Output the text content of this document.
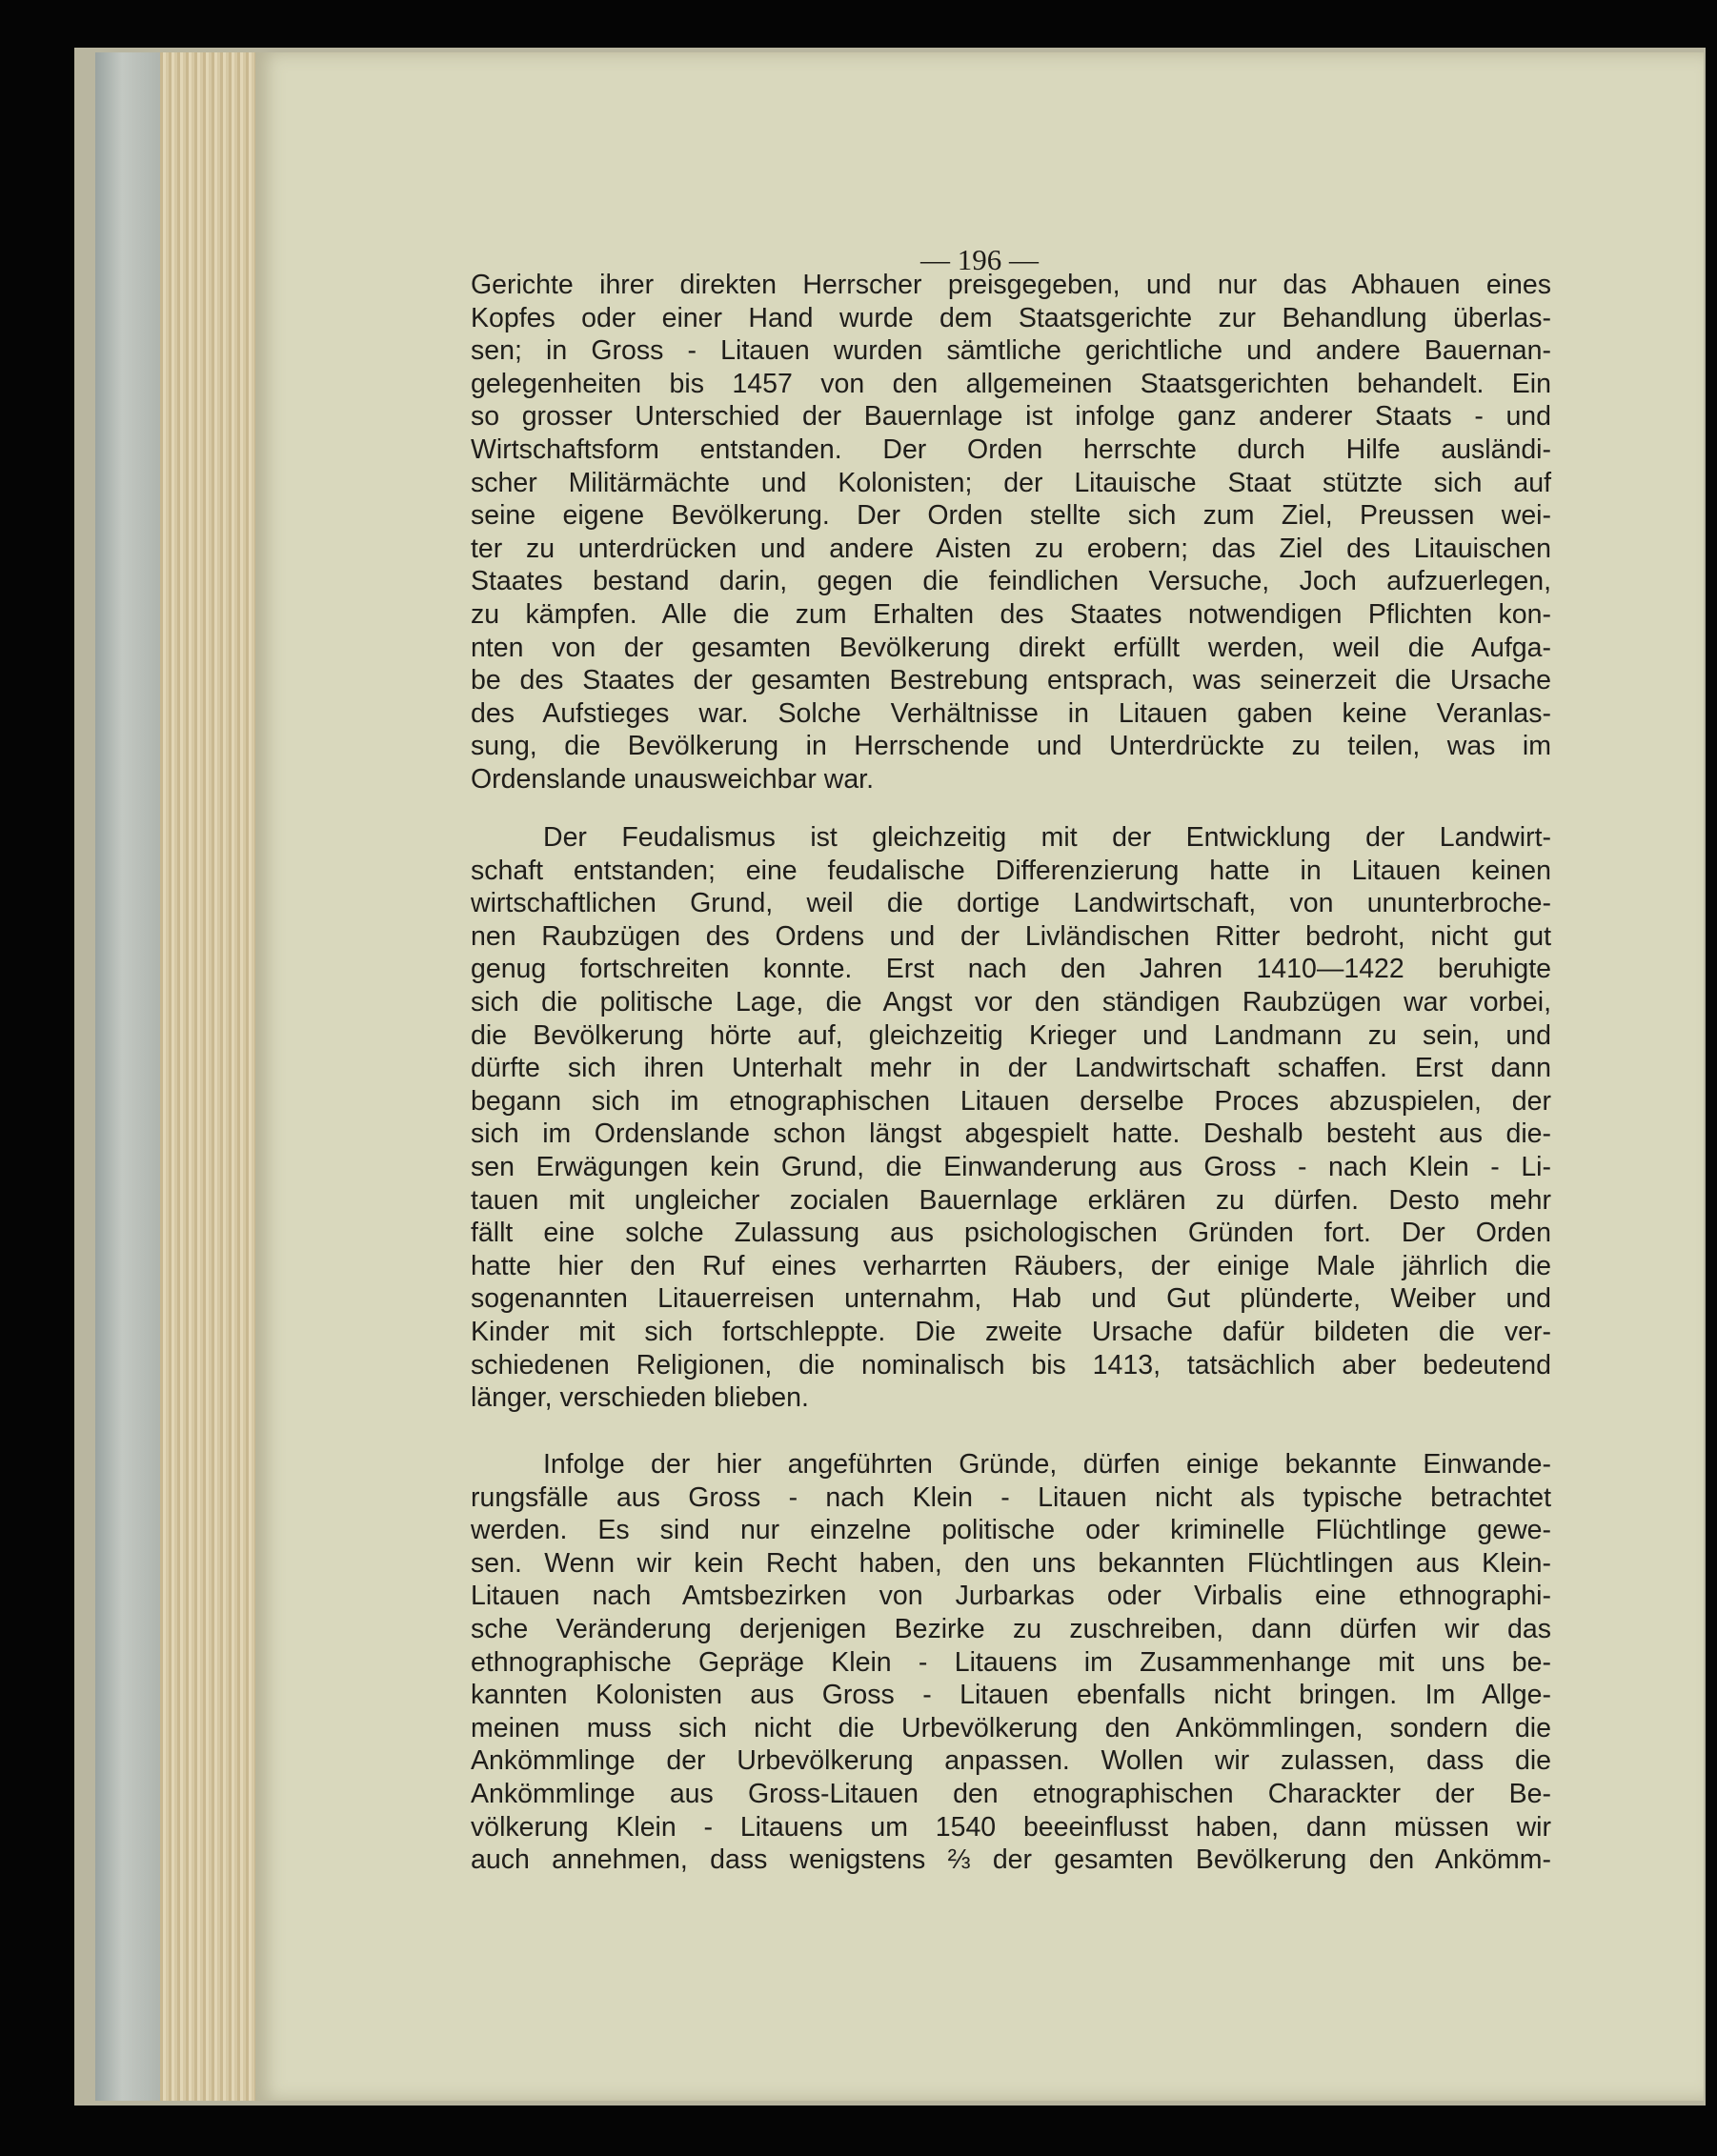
— 196 —
Gerichte ihrer direkten Herrscher preisgegeben, und nur das Abhauen eines
Kopfes oder einer Hand wurde dem Staatsgerichte zur Behandlung überlas-
sen; in Gross - Litauen wurden sämtliche gerichtliche und andere Bauernan-
gelegenheiten bis 1457 von den allgemeinen Staatsgerichten behandelt. Ein
so grosser Unterschied der Bauernlage ist infolge ganz anderer Staats - und
Wirtschaftsform entstanden. Der Orden herrschte durch Hilfe ausländi-
scher Militärmächte und Kolonisten; der Litauische Staat stützte sich auf
seine eigene Bevölkerung. Der Orden stellte sich zum Ziel, Preussen wei-
ter zu unterdrücken und andere Aisten zu erobern; das Ziel des Litauischen
Staates bestand darin, gegen die feindlichen Versuche, Joch aufzuerlegen,
zu kämpfen. Alle die zum Erhalten des Staates notwendigen Pflichten kon-
nten von der gesamten Bevölkerung direkt erfüllt werden, weil die Aufga-
be des Staates der gesamten Bestrebung entsprach, was seinerzeit die Ursache
des Aufstieges war. Solche Verhältnisse in Litauen gaben keine Veranlas-
sung, die Bevölkerung in Herrschende und Unterdrückte zu teilen, was im
Ordenslande unausweichbar war.
Der Feudalismus ist gleichzeitig mit der Entwicklung der Landwirt-
schaft entstanden; eine feudalische Differenzierung hatte in Litauen keinen
wirtschaftlichen Grund, weil die dortige Landwirtschaft, von ununterbroche-
nen Raubzügen des Ordens und der Livländischen Ritter bedroht, nicht gut
genug fortschreiten konnte. Erst nach den Jahren 1410—1422 beruhigte
sich die politische Lage, die Angst vor den ständigen Raubzügen war vorbei,
die Bevölkerung hörte auf, gleichzeitig Krieger und Landmann zu sein, und
dürfte sich ihren Unterhalt mehr in der Landwirtschaft schaffen. Erst dann
begann sich im etnographischen Litauen derselbe Proces abzuspielen, der
sich im Ordenslande schon längst abgespielt hatte. Deshalb besteht aus die-
sen Erwägungen kein Grund, die Einwanderung aus Gross - nach Klein - Li-
tauen mit ungleicher zocialen Bauernlage erklären zu dürfen. Desto mehr
fällt eine solche Zulassung aus psichologischen Gründen fort. Der Orden
hatte hier den Ruf eines verharrten Räubers, der einige Male jährlich die
sogenannten Litauerreisen unternahm, Hab und Gut plünderte, Weiber und
Kinder mit sich fortschleppte. Die zweite Ursache dafür bildeten die ver-
schiedenen Religionen, die nominalisch bis 1413, tatsächlich aber bedeutend
länger, verschieden blieben.
Infolge der hier angeführten Gründe, dürfen einige bekannte Einwande-
rungsfälle aus Gross - nach Klein - Litauen nicht als typische betrachtet
werden. Es sind nur einzelne politische oder kriminelle Flüchtlinge gewe-
sen. Wenn wir kein Recht haben, den uns bekannten Flüchtlingen aus Klein-
Litauen nach Amtsbezirken von Jurbarkas oder Virbalis eine ethnographi-
sche Veränderung derjenigen Bezirke zu zuschreiben, dann dürfen wir das
ethnographische Gepräge Klein - Litauens im Zusammenhange mit uns be-
kannten Kolonisten aus Gross - Litauen ebenfalls nicht bringen. Im Allge-
meinen muss sich nicht die Urbevölkerung den Ankömmlingen, sondern die
Ankömmlinge der Urbevölkerung anpassen. Wollen wir zulassen, dass die
Ankömmlinge aus Gross-Litauen den etnographischen Charackter der Be-
völkerung Klein - Litauens um 1540 beeeinflusst haben, dann müssen wir
auch annehmen, dass wenigstens ⅔ der gesamten Bevölkerung den Ankömm-
